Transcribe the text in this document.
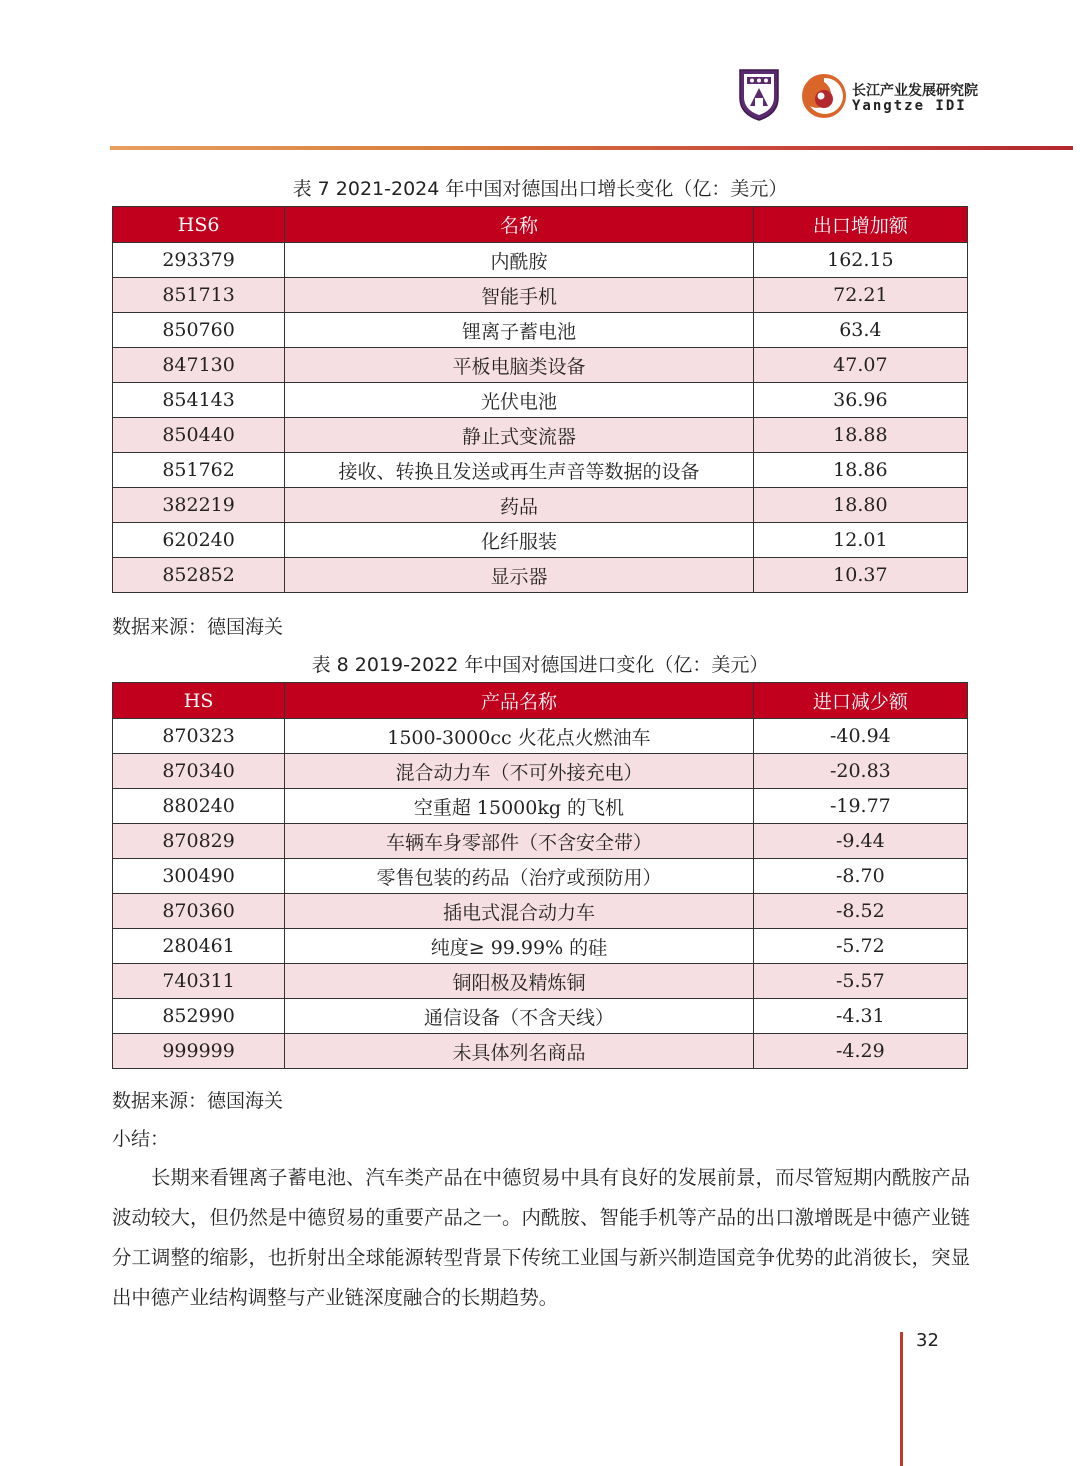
长江产业发展研究院
Yangtze IDI
表 7 2021-2024 年中国对德国出口增长变化（亿：美元）
HS6	名称	出口增加额
293379	内酰胺	162.15
851713	智能手机	72.21
850760	锂离子蓄电池	63.4
847130	平板电脑类设备	47.07
854143	光伏电池	36.96
850440	静止式变流器	18.88
851762	接收、转换且发送或再生声音等数据的设备	18.86
382219	药品	18.80
620240	化纤服装	12.01
852852	显示器	10.37
数据来源：德国海关
表 8 2019-2022 年中国对德国进口变化（亿：美元）
HS	产品名称	进口减少额
870323	1500-3000cc 火花点火燃油车	-40.94
870340	混合动力车（不可外接充电）	-20.83
880240	空重超 15000kg 的飞机	-19.77
870829	车辆车身零部件（不含安全带）	-9.44
300490	零售包装的药品（治疗或预防用）	-8.70
870360	插电式混合动力车	-8.52
280461	纯度≥ 99.99% 的硅	-5.72
740311	铜阳极及精炼铜	-5.57
852990	通信设备（不含天线）	-4.31
999999	未具体列名商品	-4.29
数据来源：德国海关
小结：

长期来看锂离子蓄电池、汽车类产品在中德贸易中具有良好的发展前景，而尽管短期内酰胺产品波动较大，但仍然是中德贸易的重要产品之一。内酰胺、智能手机等产品的出口激增既是中德产业链分工调整的缩影，也折射出全球能源转型背景下传统工业国与新兴制造国竞争优势的此消彼长，突显出中德产业结构调整与产业链深度融合的长期趋势。

32
